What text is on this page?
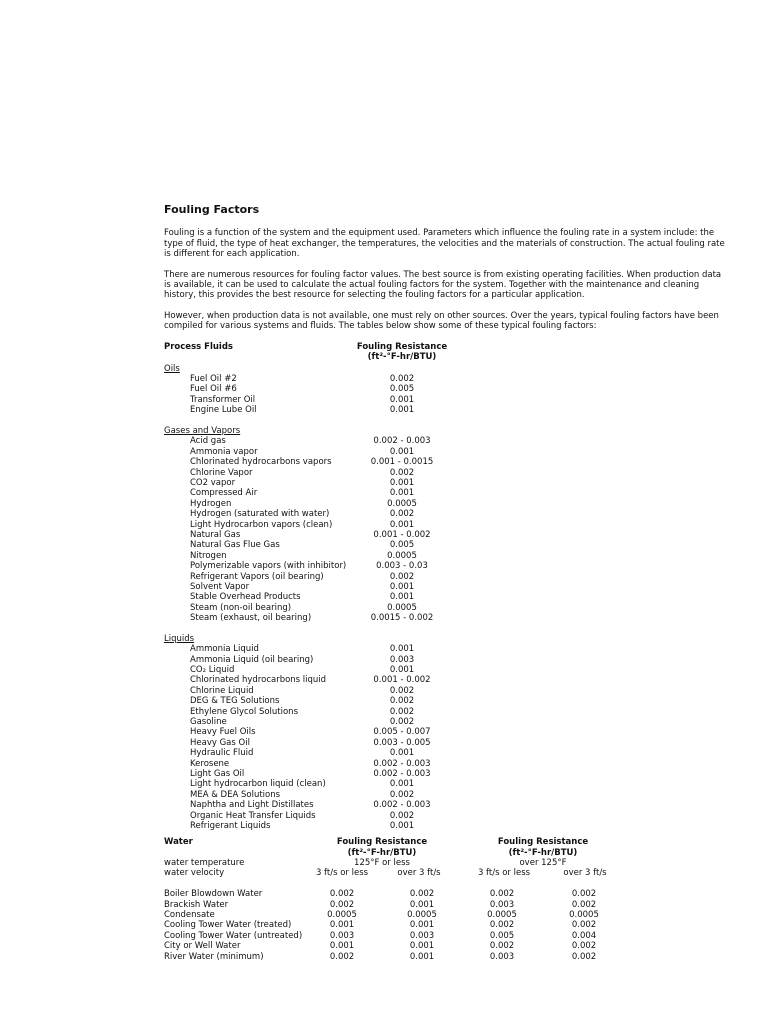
Fouling Factors

Fouling is a function of the system and the equipment used. Parameters which influence the fouling rate in a system include: the type of fluid, the type of heat exchanger, the temperatures, the velocities and the materials of construction. The actual fouling rate is different for each application.

There are numerous resources for fouling factor values. The best source is from existing operating facilities. When production data is available, it can be used to calculate the actual fouling factors for the system. Together with the maintenance and cleaning history, this provides the best resource for selecting the fouling factors for a particular application.

However, when production data is not available, one must rely on other sources. Over the years, typical fouling factors have been compiled for various systems and fluids. The tables below show some of these typical fouling factors:

Process Fluids	Fouling Resistance
(ft²-°F-hr/BTU)
Oils
Fuel Oil #2	0.002
Fuel Oil #6	0.005
Transformer Oil	0.001
Engine Lube Oil	0.001
Gases and Vapors
Acid gas	0.002 - 0.003
Ammonia vapor	0.001
Chlorinated hydrocarbons vapors	0.001 - 0.0015
Chlorine Vapor	0.002
CO2 vapor	0.001
Compressed Air	0.001
Hydrogen	0.0005
Hydrogen (saturated with water)	0.002
Light Hydrocarbon vapors (clean)	0.001
Natural Gas	0.001 - 0.002
Natural Gas Flue Gas	0.005
Nitrogen	0.0005
Polymerizable vapors (with inhibitor)	0.003 - 0.03
Refrigerant Vapors (oil bearing)	0.002
Solvent Vapor	0.001
Stable Overhead Products	0.001
Steam (non-oil bearing)	0.0005
Steam (exhaust, oil bearing)	0.0015 - 0.002
Liquids
Ammonia Liquid	0.001
Ammonia Liquid (oil bearing)	0.003
CO₂ Liquid	0.001
Chlorinated hydrocarbons liquid	0.001 - 0.002
Chlorine Liquid	0.002
DEG & TEG Solutions	0.002
Ethylene Glycol Solutions	0.002
Gasoline	0.002
Heavy Fuel Oils	0.005 - 0.007
Heavy Gas Oil	0.003 - 0.005
Hydraulic Fluid	0.001
Kerosene	0.002 - 0.003
Light Gas Oil	0.002 - 0.003
Light hydrocarbon liquid (clean)	0.001
MEA & DEA Solutions	0.002
Naphtha and Light Distillates	0.002 - 0.003
Organic Heat Transfer Liquids	0.002
Refrigerant Liquids	0.001
Water	Fouling Resistance	Fouling Resistance
(ft²-°F-hr/BTU)	(ft²-°F-hr/BTU)
water temperature	125°F or less	over 125°F
water velocity	3 ft/s or less	over 3 ft/s	3 ft/s or less	over 3 ft/s
Boiler Blowdown Water	0.002	0.002	0.002	0.002
Brackish Water	0.002	0.001	0.003	0.002
Condensate	0.0005	0.0005	0.0005	0.0005
Cooling Tower Water (treated)	0.001	0.001	0.002	0.002
Cooling Tower Water (untreated)	0.003	0.003	0.005	0.004
City or Well Water	0.001	0.001	0.002	0.002
River Water (minimum)	0.002	0.001	0.003	0.002
